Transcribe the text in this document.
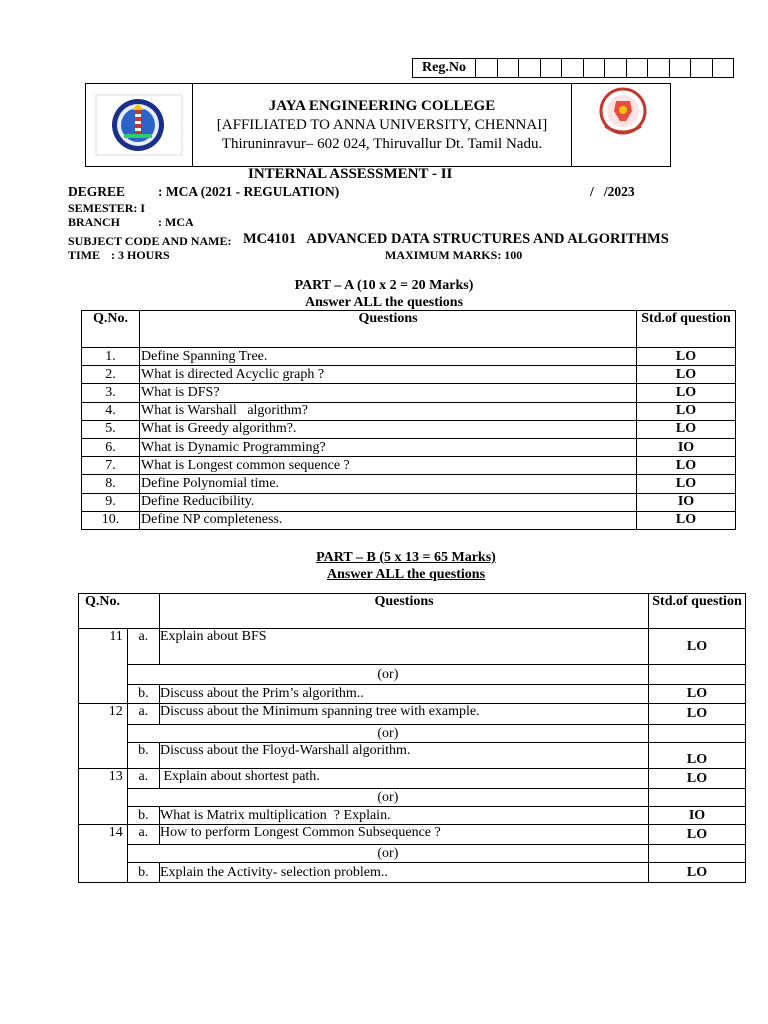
Reg.No												
JAYA ENGINEERING COLLEGE
[AFFILIATED TO ANNA UNIVERSITY, CHENNAI]
Thiruninravur– 602 024, Thiruvallur Dt. Tamil Nadu.
INTERNAL ASSESSMENT - II
DEGREE : MCA (2021 - REGULATION)	/   /2023
SEMESTER: I
BRANCH	: MCA
SUBJECT CODE AND NAME: MC4101   ADVANCED DATA STRUCTURES AND ALGORITHMS
TIME : 3 HOURS	MAXIMUM MARKS: 100
PART – A (10 x 2 = 20 Marks)
Answer ALL the questions
Q.No.	Questions	Std.of question
1.	Define Spanning Tree.	LO
2.	What is directed Acyclic graph ?	LO
3.	What is DFS?	LO
4.	What is Warshall   algorithm?	LO
5.	What is Greedy algorithm?.	LO
6.	What is Dynamic Programming?	IO
7.	What is Longest common sequence ?	LO
8.	Define Polynomial time.	LO
9.	Define Reducibility.	IO
10.	Define NP completeness.	LO
PART – B (5 x 13 = 65 Marks)
Answer ALL the questions
Q.No.		Questions	Std.of question
11	a.	Explain about BFS	LO
	(or)		
	b.	Discuss about the Prim’s algorithm..	LO
12	a.	Discuss about the Minimum spanning tree with example.	LO
	(or)		
	b.	Discuss about the Floyd-Warshall algorithm.	LO
13	a.	Explain about shortest path.	LO
	(or)		
	b.	What is Matrix multiplication  ? Explain.	IO
14	a.	How to perform Longest Common Subsequence ?	LO
	(or)		
	b.	Explain the Activity- selection problem..	LO
